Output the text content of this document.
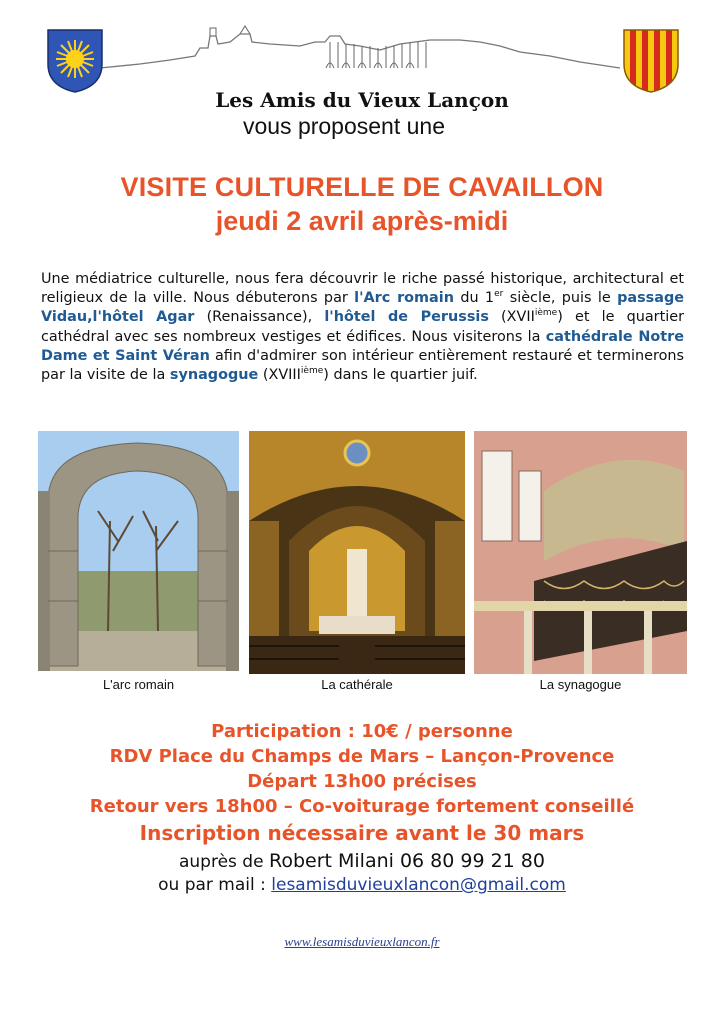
Les Amis du Vieux Lançon
vous proposent une
VISITE CULTURELLE DE CAVAILLON
jeudi 2 avril après-midi

Une médiatrice culturelle, nous fera découvrir le riche passé historique, architectural et religieux de la ville. Nous débuterons par l'Arc romain du 1er siècle, puis le passage Vidau,l'hôtel Agar (Renaissance), l'hôtel de Perussis (XVIIième) et le quartier cathédral avec ses nombreux vestiges et édifices. Nous visiterons la cathédrale Notre Dame et Saint Véran afin d'admirer son intérieur entièrement restauré et terminerons par la visite de la synagogue (XVIIIième) dans le quartier juif.

L'arc romain	La cathérale	La synagogue
Participation : 10€ / personne
RDV Place du Champs de Mars – Lançon-Provence
Départ 13h00 précises
Retour vers 18h00 – Co-voiturage fortement conseillé
Inscription nécessaire avant le 30 mars
auprès de Robert Milani 06 80 99 21 80
ou par mail : lesamisduvieuxlancon@gmail.com
www.lesamisduvieuxlancon.fr
